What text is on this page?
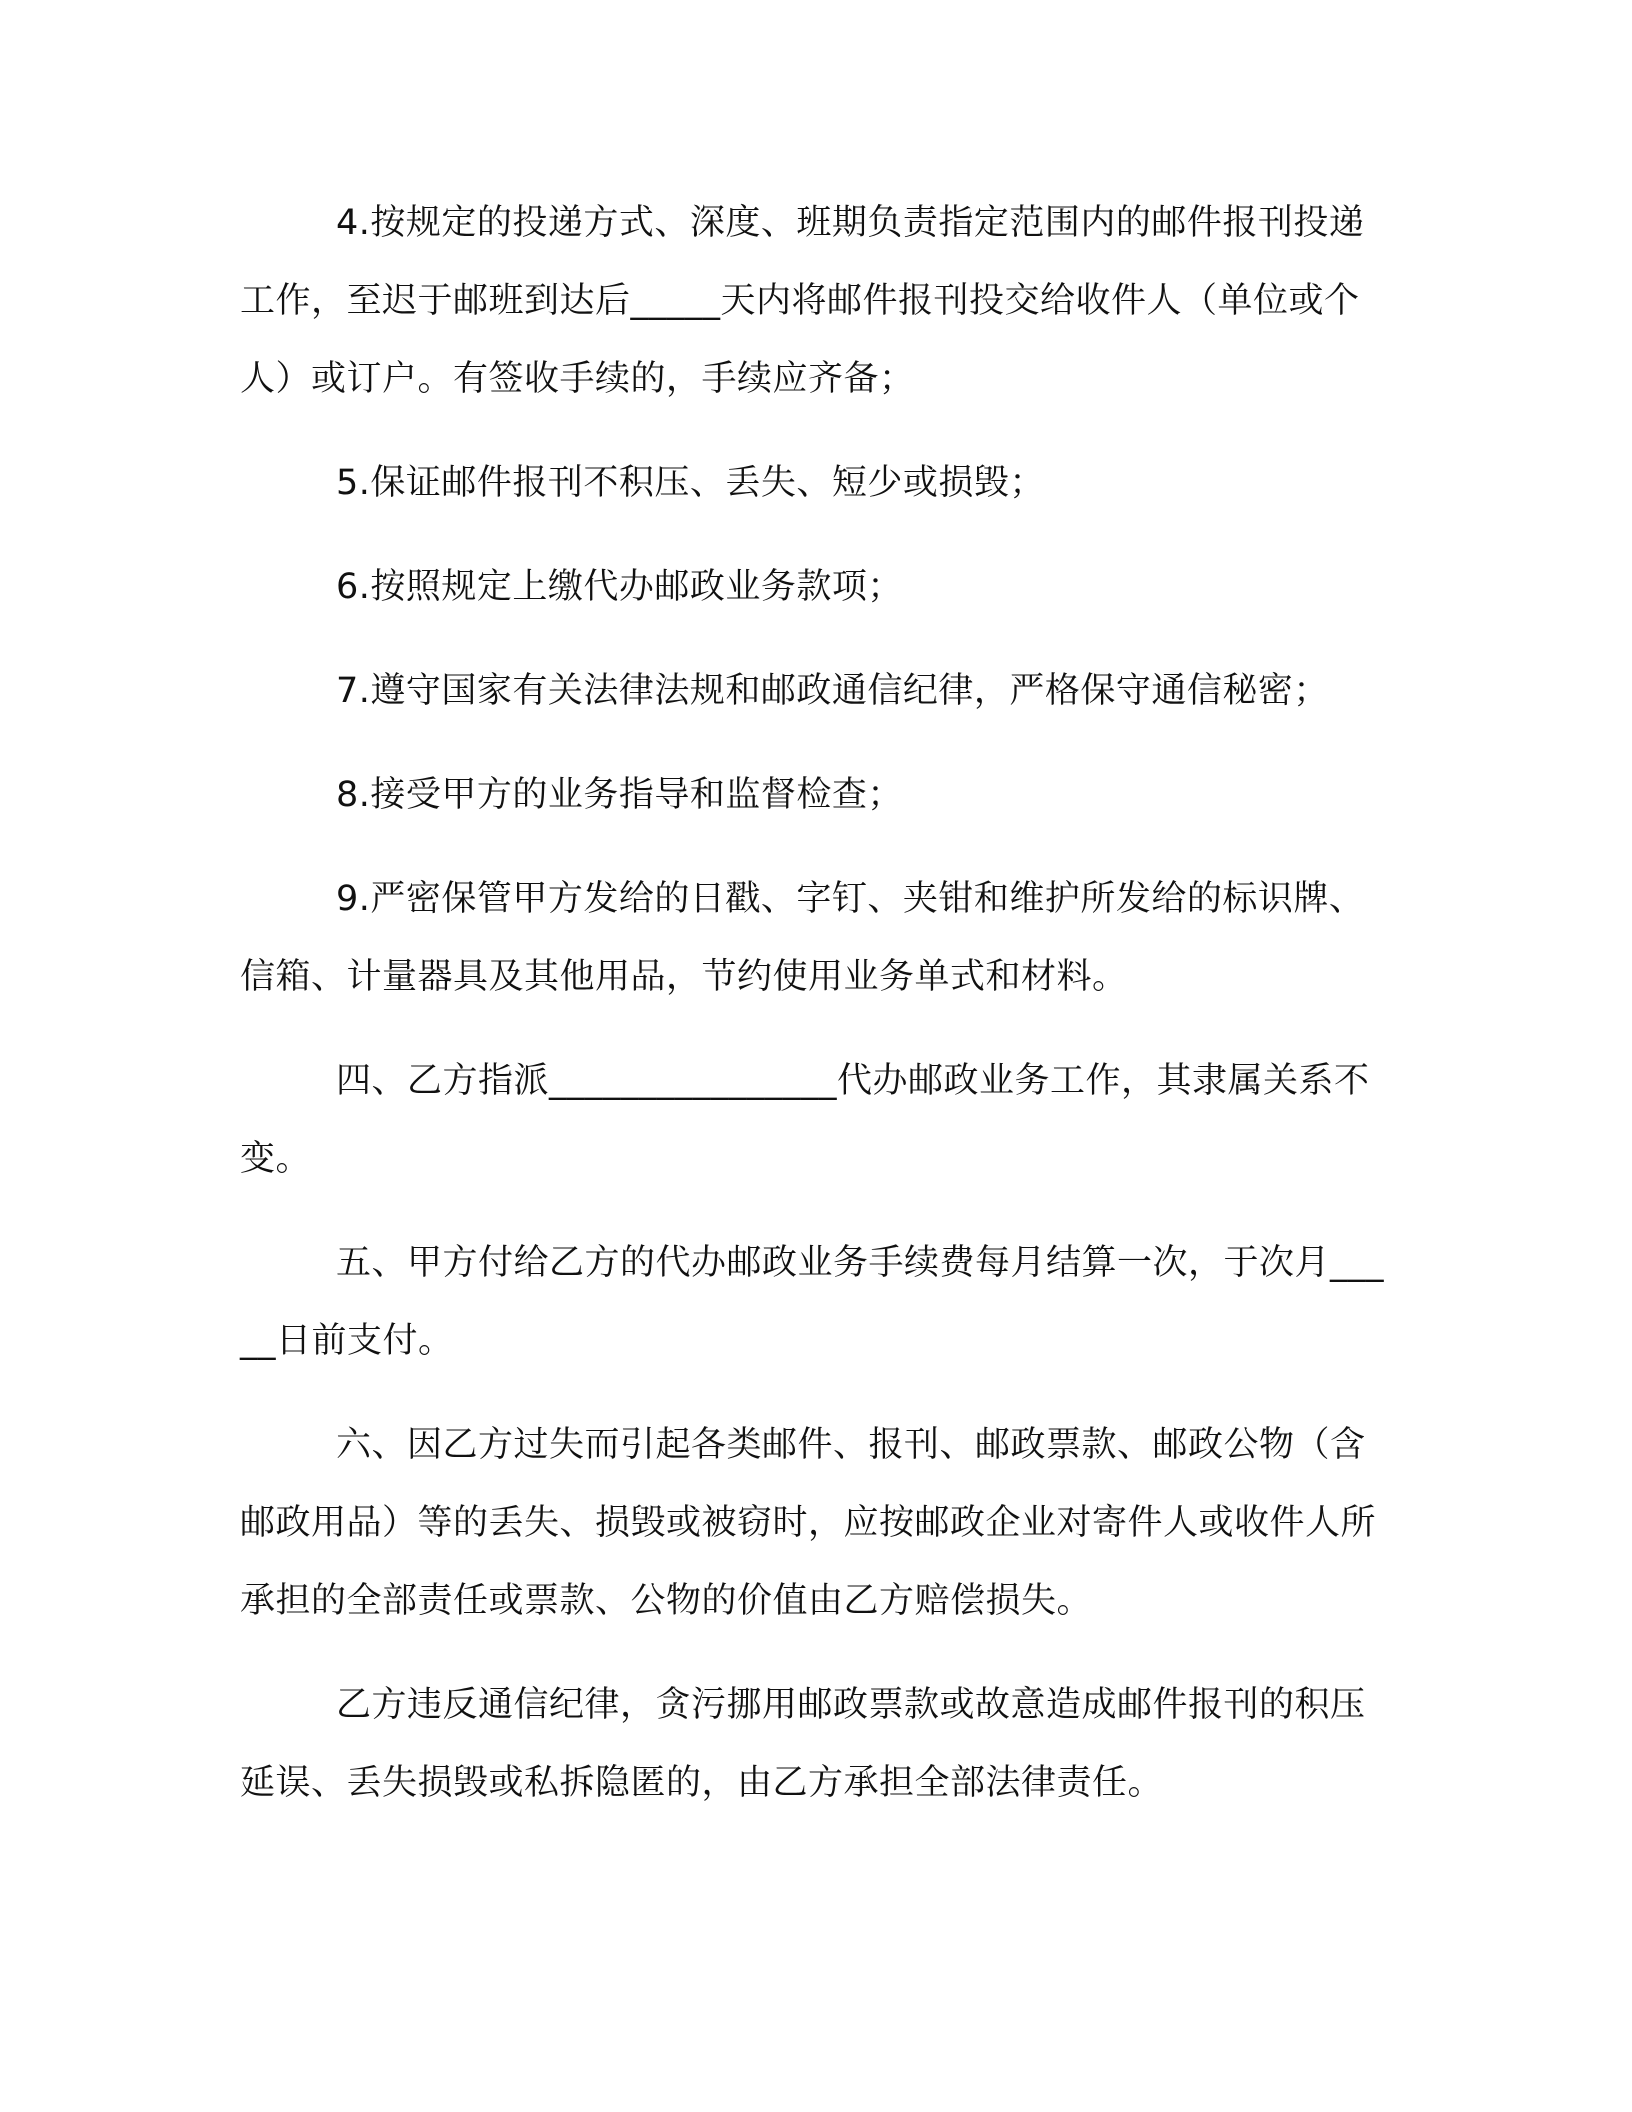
4.按规定的投递方式、深度、班期负责指定范围内的邮件报刊投递工作，至迟于邮班到达后_____天内将邮件报刊投交给收件人（单位或个人）或订户。有签收手续的，手续应齐备；

5.保证邮件报刊不积压、丢失、短少或损毁；

6.按照规定上缴代办邮政业务款项；

7.遵守国家有关法律法规和邮政通信纪律，严格保守通信秘密；

8.接受甲方的业务指导和监督检查；

9.严密保管甲方发给的日戳、字钉、夹钳和维护所发给的标识牌、信箱、计量器具及其他用品，节约使用业务单式和材料。

四、乙方指派________________代办邮政业务工作，其隶属关系不变。

五、甲方付给乙方的代办邮政业务手续费每月结算一次，于次月_____日前支付。

六、因乙方过失而引起各类邮件、报刊、邮政票款、邮政公物（含邮政用品）等的丢失、损毁或被窃时，应按邮政企业对寄件人或收件人所承担的全部责任或票款、公物的价值由乙方赔偿损失。

乙方违反通信纪律，贪污挪用邮政票款或故意造成邮件报刊的积压延误、丢失损毁或私拆隐匿的，由乙方承担全部法律责任。
